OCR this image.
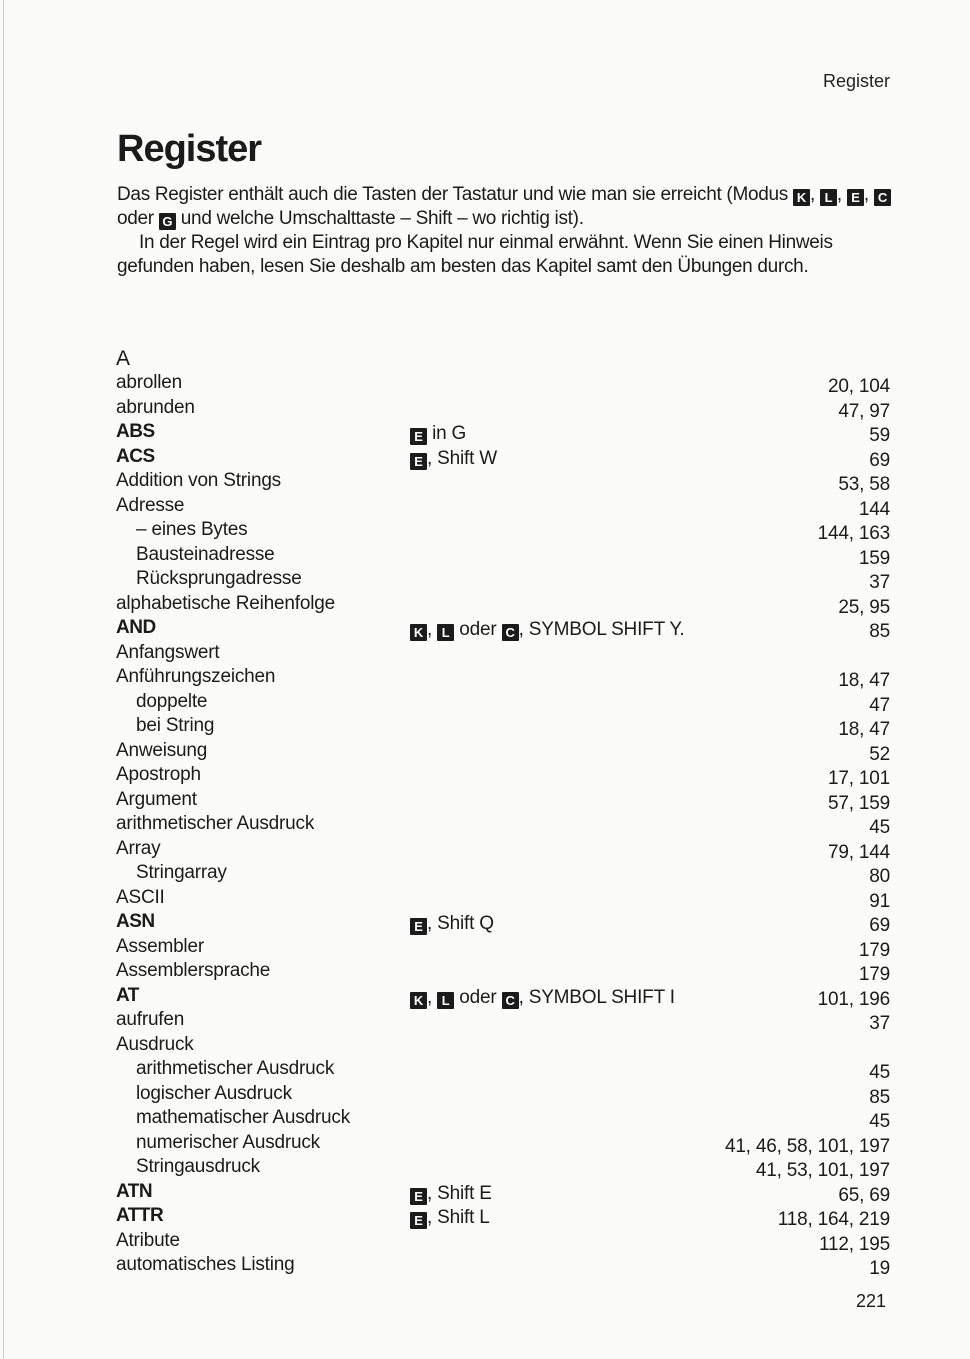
Register
Register

Das Register enthält auch die Tasten der Tastatur und wie man sie erreicht (Modus K , L , E , C oder G und welche Umschalttaste – Shift – wo richtig ist).

In der Regel wird ein Eintrag pro Kapitel nur einmal erwähnt. Wenn Sie einen Hinweis gefunden haben, lesen Sie deshalb am besten das Kapitel samt den Übungen durch.

A
abrollen	20, 104
abrunden	47, 97
ABS	E in G	59
ACS	E , Shift W	69
Addition von Strings	53, 58
Adresse	144
– eines Bytes	144, 163
Bausteinadresse	159
Rücksprungadresse	37
alphabetische Reihenfolge	25, 95
AND	K , L oder C , SYMBOL SHIFT Y.	85
Anfangswert
Anführungszeichen	18, 47
doppelte	47
bei String	18, 47
Anweisung	52
Apostroph	17, 101
Argument	57, 159
arithmetischer Ausdruck	45
Array	79, 144
Stringarray	80
ASCII	91
ASN	E , Shift Q	69
Assembler	179
Assemblersprache	179
AT	K , L oder C , SYMBOL SHIFT I	101, 196
aufrufen	37
Ausdruck
arithmetischer Ausdruck	45
logischer Ausdruck	85
mathematischer Ausdruck	45
numerischer Ausdruck	41, 46, 58, 101, 197
Stringausdruck	41, 53, 101, 197
ATN	E , Shift E	65, 69
ATTR	E , Shift L	118, 164, 219
Atribute	112, 195
automatisches Listing	19
221
